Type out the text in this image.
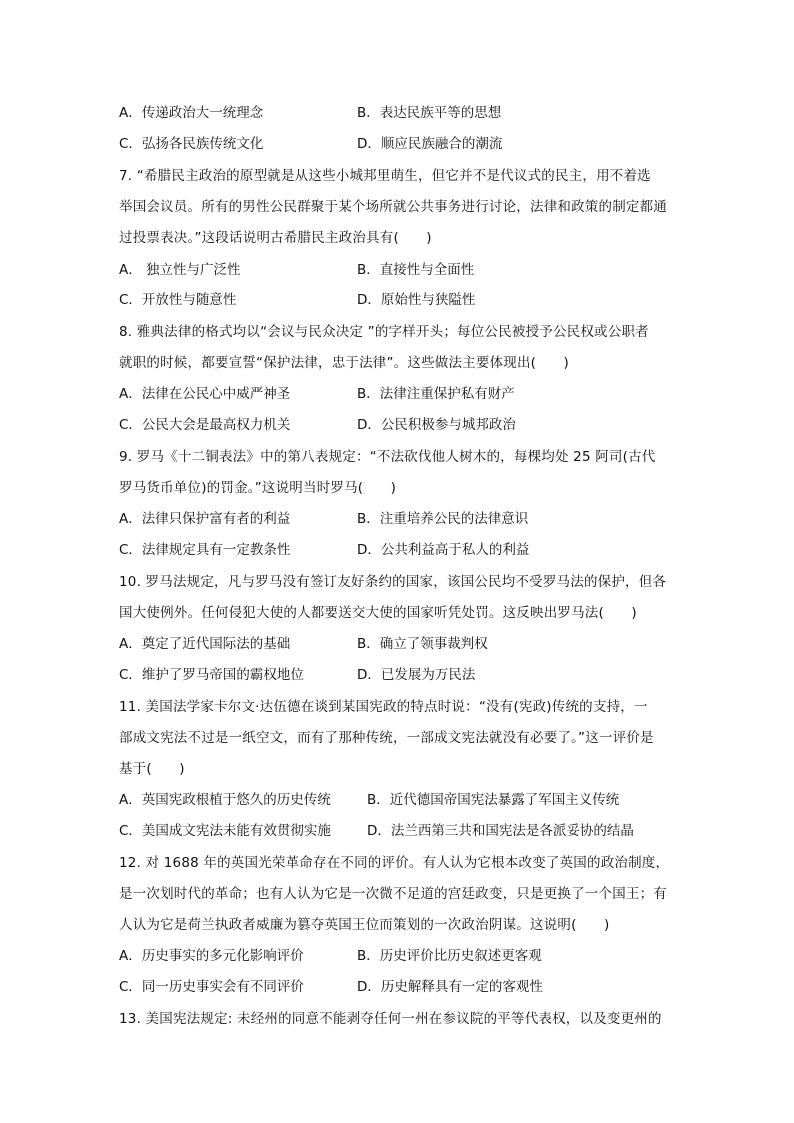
A．传递政治大一统理念	B．表达民族平等的思想
C．弘扬各民族传统文化	D．顺应民族融合的潮流
7. “希腊民主政治的原型就是从这些小城邦里萌生，但它并不是代议式的民主，用不着选
举国会议员。所有的男性公民群聚于某个场所就公共事务进行讨论，法律和政策的制定都通
过投票表决。”这段话说明古希腊民主政治具有(　　)
A． 独立性与广泛性	B．直接性与全面性
C．开放性与随意性	D．原始性与狭隘性
8. 雅典法律的格式均以“会议与民众决定 ”的字样开头；每位公民被授予公民权或公职者
就职的时候，都要宣誓“保护法律，忠于法律”。这些做法主要体现出(　　)
A．法律在公民心中威严神圣	B．法律注重保护私有财产
C．公民大会是最高权力机关	D．公民积极参与城邦政治
9. 罗马《十二铜表法》中的第八表规定：“不法砍伐他人树木的，每棵均处 25 阿司(古代
罗马货币单位)的罚金。”这说明当时罗马(　　)
A．法律只保护富有者的利益	B．注重培养公民的法律意识
C．法律规定具有一定教条性	D．公共利益高于私人的利益
10. 罗马法规定，凡与罗马没有签订友好条约的国家，该国公民均不受罗马法的保护，但各
国大使例外。任何侵犯大使的人都要送交大使的国家听凭处罚。这反映出罗马法(　　)
A．奠定了近代国际法的基础	B．确立了领事裁判权
C．维护了罗马帝国的霸权地位	D．已发展为万民法
11. 美国法学家卡尔文·达伍德在谈到某国宪政的特点时说：“没有(宪政)传统的支持，一
部成文宪法不过是一纸空文，而有了那种传统，一部成文宪法就没有必要了。”这一评价是
基于(　　)
A．英国宪政根植于悠久的历史传统	B．近代德国帝国宪法暴露了军国主义传统
C．美国成文宪法未能有效贯彻实施	D．法兰西第三共和国宪法是各派妥协的结晶
12. 对 1688 年的英国光荣革命存在不同的评价。有人认为它根本改变了英国的政治制度，
是一次划时代的革命；也有人认为它是一次微不足道的宫廷政变，只是更换了一个国王；有
人认为它是荷兰执政者威廉为篡夺英国王位而策划的一次政治阴谋。这说明(　　)
A．历史事实的多元化影响评价	B．历史评价比历史叙述更客观
C．同一历史事实会有不同评价	D．历史解释具有一定的客观性
13. 美国宪法规定: 未经州的同意不能剥夺任何一州在参议院的平等代表权，以及变更州的
